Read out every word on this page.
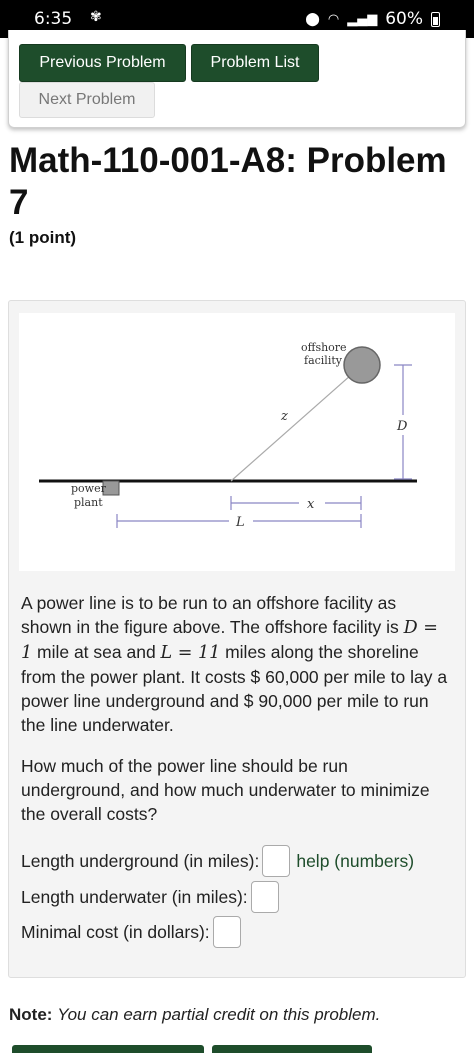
6:35 ✾	⬤ ◠ ▂▄▆ 60%
Previous Problem	Problem List
Next Problem
Math-110-001-A8: Problem 7
(1 point)
power
plant
z
offshore
facility
D
x
L

A power line is to be run to an offshore facility as shown in the figure above. The offshore facility is D = 1 mile at sea and L = 11 miles along the shoreline from the power plant. It costs $ 60,000 per mile to lay a power line underground and $ 90,000 per mile to run the line underwater.

How much of the power line should be run underground, and how much underwater to minimize the overall costs?

Length underground (in miles): help (numbers)
Length underwater (in miles):
Minimal cost (in dollars):
Note: You can earn partial credit on this problem.
